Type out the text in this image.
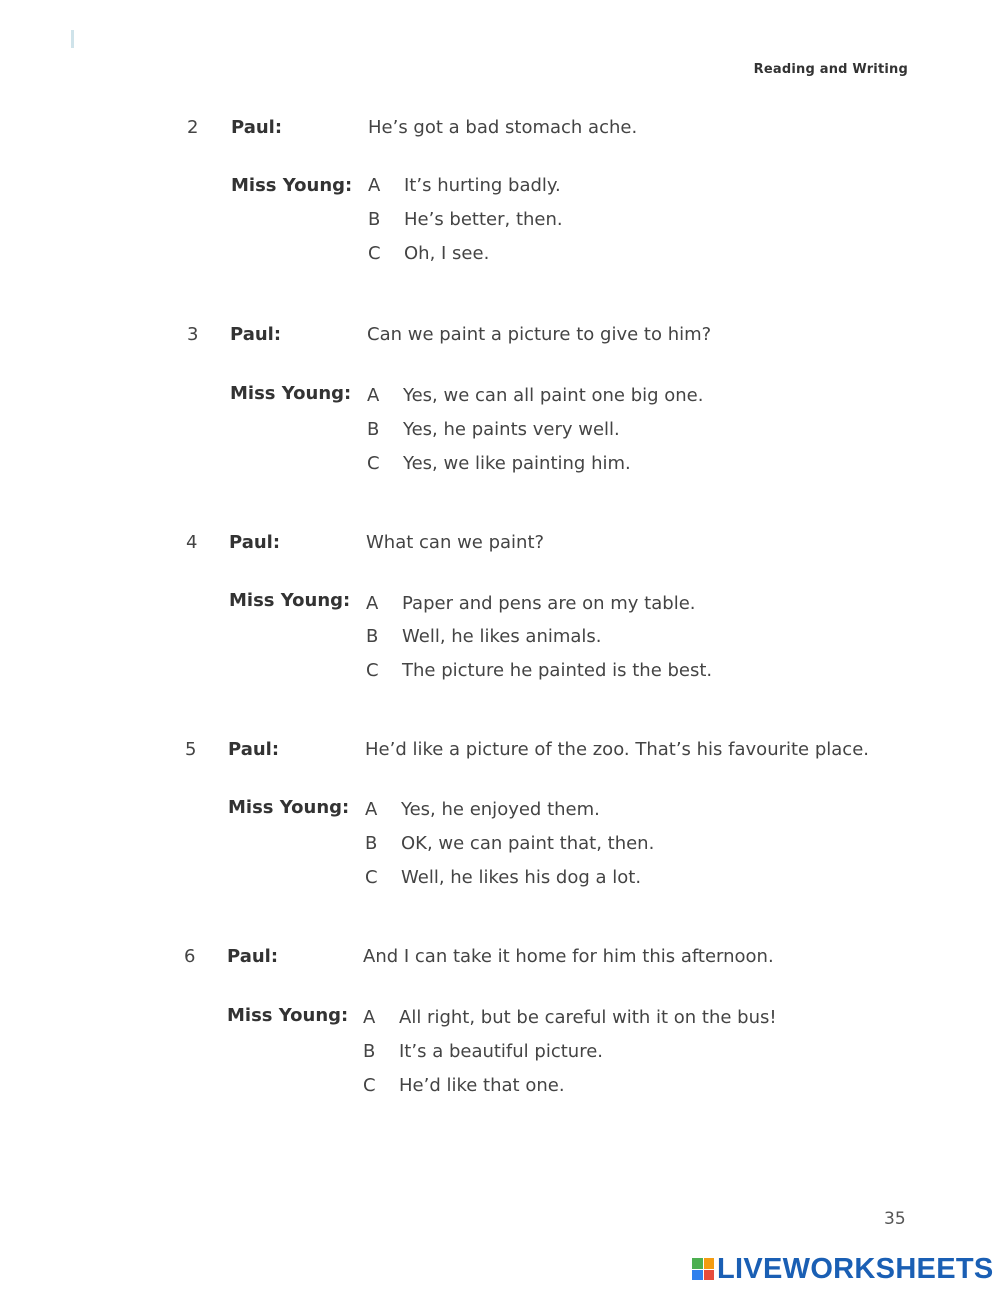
Reading and Writing
2 Paul:	He’s got a bad stomach ache.
Miss Young: A It’s hurting badly.
B He’s better, then.
C Oh, I see.
3 Paul:	Can we paint a picture to give to him?
Miss Young: A Yes, we can all paint one big one.
B Yes, he paints very well.
C Yes, we like painting him.
4 Paul:	What can we paint?
Miss Young: A Paper and pens are on my table.
B Well, he likes animals.
C The picture he painted is the best.
5 Paul:	He’d like a picture of the zoo. That’s his favourite place.
Miss Young: A Yes, he enjoyed them.
B OK, we can paint that, then.
C Well, he likes his dog a lot.
6 Paul:	And I can take it home for him this afternoon.
Miss Young: A All right, but be careful with it on the bus!
B It’s a beautiful picture.
C He’d like that one.
35
LIVEWORKSHEETS
